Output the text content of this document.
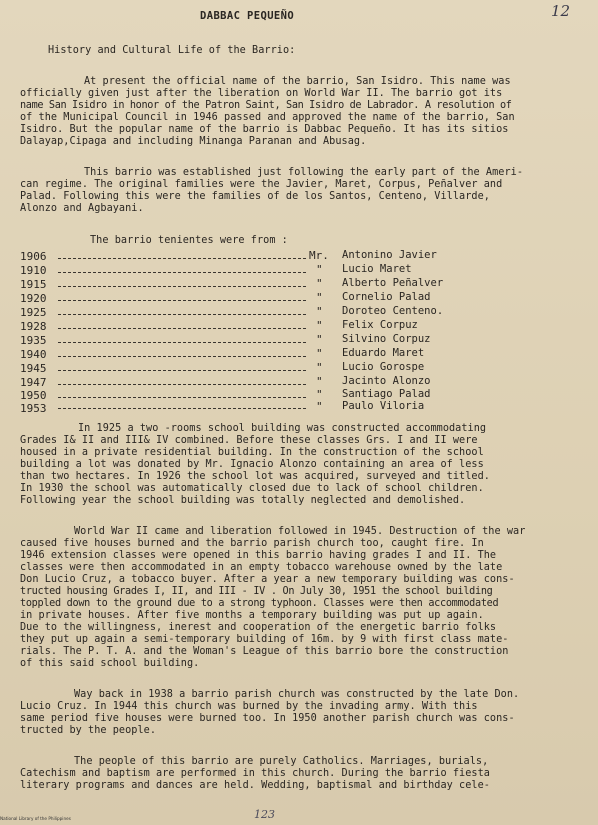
DABBAC PEQUEÑO	12
History and Cultural Life of the Barrio:
At present the official name of the barrio, San Isidro. This name was
officially given just after the liberation on World War II. The barrio got its
name San Isidro in honor of the Patron Saint, San Isidro de Labrador. A resolution of
of the Municipal Council in 1946 passed and approved the name of the barrio, San
Isidro. But the popular name of the barrio is Dabbac Pequeño. It has its sitios
Dalayap,Cipaga and including Minanga Paranan and Abusag.
This barrio was established just following the early part of the Ameri-
can regime. The original families were the Javier, Maret, Corpus, Peñalver and
Palad. Following this were the families of de los Santos, Centeno, Villarde,
Alonzo and Agbayani.
The barrio tenientes were from :
1906	Mr. Antonino Javier
1910	" Lucio Maret
1915	" Alberto Peñalver
1920	" Cornelio Palad
1925	" Doroteo Centeno.
1928	" Felix Corpuz
1935	" Silvino Corpuz
1940	" Eduardo Maret
1945	" Lucio Gorospe
1947	" Jacinto Alonzo
1950	" Santiago Palad
1953	" Paulo Viloria
In 1925 a two -rooms school building was constructed accommodating
Grades I& II and III& IV combined. Before these classes Grs. I and II were
housed in a private residential building. In the construction of the school
building a lot was donated by Mr. Ignacio Alonzo containing an area of less
than two hectares. In 1926 the school lot was acquired, surveyed and titled.
In 1930 the school was automatically closed due to lack of school children.
Following year the school building was totally neglected and demolished.
World War II came and liberation followed in 1945. Destruction of the war
caused five houses burned and the barrio parish church too, caught fire. In
1946 extension classes were opened in this barrio having grades I and II. The
classes were then accommodated in an empty tobacco warehouse owned by the late
Don Lucio Cruz, a tobacco buyer. After a year a new temporary building was cons-
tructed housing Grades I, II, and III - IV . On July 30, 1951 the school building
toppled down to the ground due to a strong typhoon. Classes were then accommodated
in private houses. After five months a temporary building was put up again.
Due to the willingness, inerest and cooperation of the energetic barrio folks
they put up again a semi-temporary building of 16m. by 9 with first class mate-
rials. The P. T. A. and the Woman's League of this barrio bore the construction
of this said school building.
Way back in 1938 a barrio parish church was constructed by the late Don.
Lucio Cruz. In 1944 this church was burned by the invading army. With this
same period five houses were burned too. In 1950 another parish church was cons-
tructed by the people.
The people of this barrio are purely Catholics. Marriages, burials,
Catechism and baptism are performed in this church. During the barrio fiesta
literary programs and dances are held. Wedding, baptismal and birthday cele-
123
National Library of the Philippines
